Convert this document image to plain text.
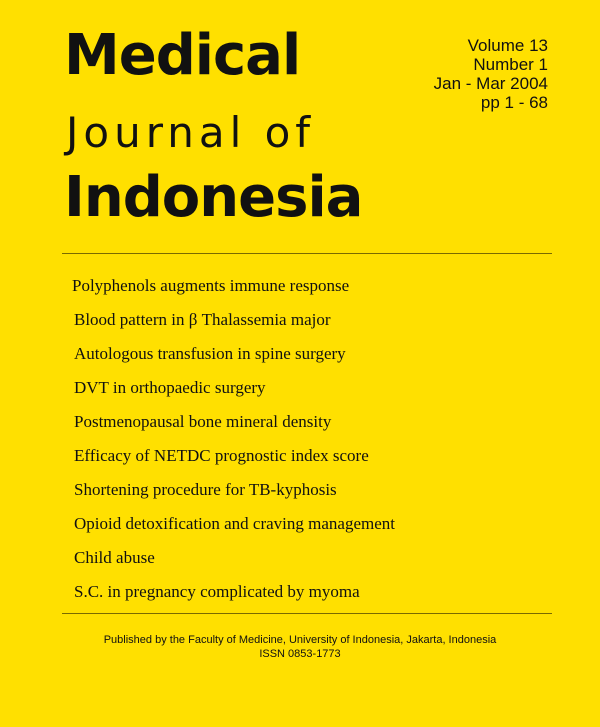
Medical
Journal of
Indonesia
Volume 13
Number 1
Jan - Mar 2004
pp 1 - 68
Polyphenols augments immune response
Blood pattern in β Thalassemia major
Autologous transfusion in spine surgery
DVT in orthopaedic surgery
Postmenopausal bone mineral density
Efficacy of NETDC prognostic index score
Shortening procedure for TB-kyphosis
Opioid detoxification and craving management
Child abuse
S.C. in pregnancy complicated by myoma
Published by the Faculty of Medicine, University of Indonesia, Jakarta, Indonesia
ISSN 0853-1773
